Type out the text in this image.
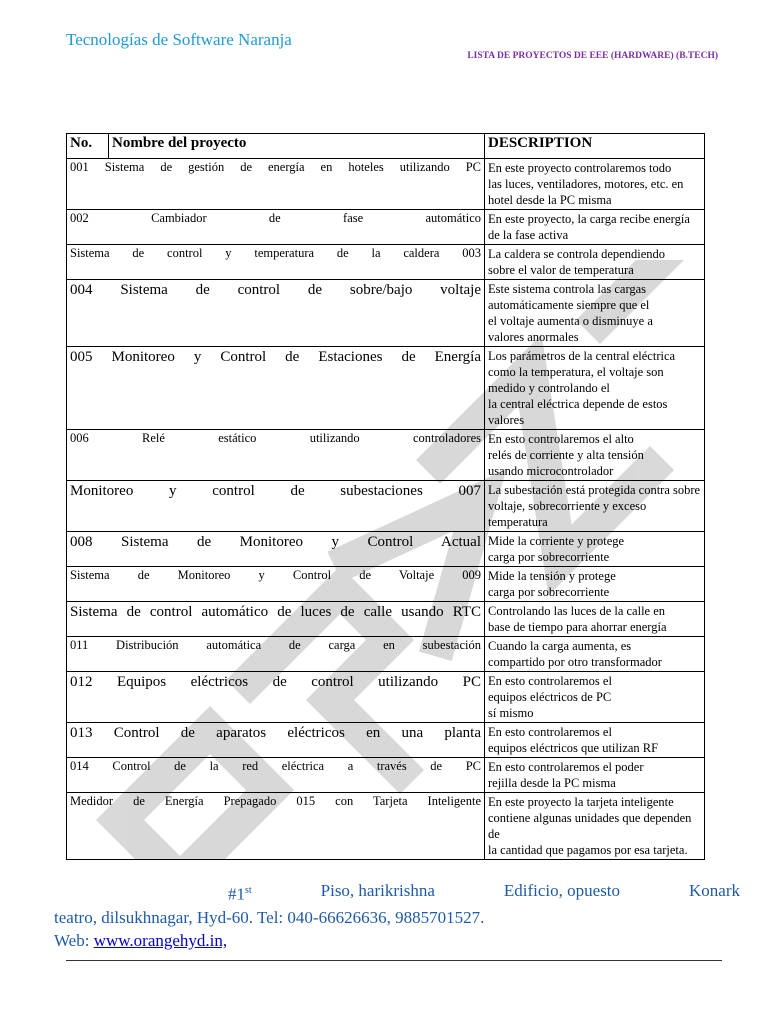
Tecnologías de Software Naranja
LISTA DE PROYECTOS DE EEE (HARDWARE) (B.TECH)
No.	Nombre del proyecto	DESCRIPTION
001 Sistema de gestión de energía en hoteles utilizando PC		En este proyecto controlaremos todo
las luces, ventiladores, motores, etc. en
hotel desde la PC misma

002 Cambiador de fase automático		En este proyecto, la carga recibe energía
de la fase activa

Sistema de control y temperatura de la caldera 003		La caldera se controla dependiendo
sobre el valor de temperatura

004 Sistema de control de sobre/bajo voltaje		Este sistema controla las cargas
automáticamente siempre que el
el voltaje aumenta o disminuye a
valores anormales

005 Monitoreo y Control de Estaciones de Energía		Los parámetros de la central eléctrica
como la temperatura, el voltaje son
medido y controlando el
la central eléctrica depende de estos
valores

006 Relé estático utilizando controladores		En esto controlaremos el alto
relés de corriente y alta tensión
usando microcontrolador

Monitoreo y control de subestaciones 007		La subestación está protegida contra sobre
voltaje, sobrecorriente y exceso
temperatura

008 Sistema de Monitoreo y Control Actual		Mide la corriente y protege
carga por sobrecorriente

Sistema de Monitoreo y Control de Voltaje 009		Mide la tensión y protege
carga por sobrecorriente

Sistema de control automático de luces de calle usando RTC		Controlando las luces de la calle en
base de tiempo para ahorrar energía

011 Distribución automática de carga en subestación		Cuando la carga aumenta, es
compartido por otro transformador

012 Equipos eléctricos de control utilizando PC		En esto controlaremos el
equipos eléctricos de PC
sí mismo

013 Control de aparatos eléctricos en una planta		En esto controlaremos el
equipos eléctricos que utilizan RF

014 Control de la red eléctrica a través de PC		En esto controlaremos el poder
rejilla desde la PC misma

Medidor de Energía Prepagado 015 con Tarjeta Inteligente		En este proyecto la tarjeta inteligente
contiene algunas unidades que dependen de
la cantidad que pagamos por esa tarjeta.
#1st	Piso, harikrishna	Edificio, opuesto	Konark
teatro, dilsukhnagar, Hyd-60. Tel: 040-66626636, 9885701527.
Web: www.orangehyd.in,
